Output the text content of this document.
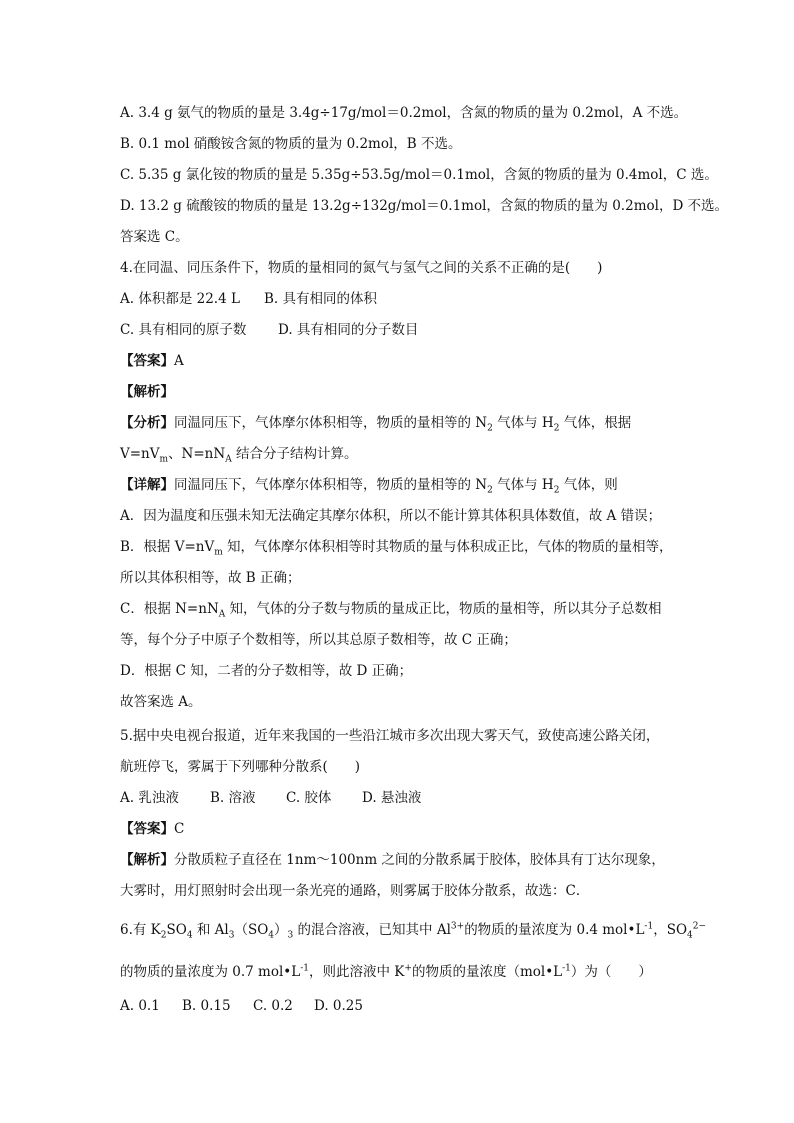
A. 3.4 g 氨气的物质的量是 3.4g÷17g/mol＝0.2mol，含氮的物质的量为 0.2mol，A 不选。
B. 0.1 mol 硝酸铵含氮的物质的量为 0.2mol，B 不选。
C. 5.35 g 氯化铵的物质的量是 5.35g÷53.5g/mol＝0.1mol，含氮的物质的量为 0.4mol，C 选。
D. 13.2 g 硫酸铵的物质的量是 13.2g÷132g/mol＝0.1mol，含氮的物质的量为 0.2mol，D 不选。
答案选 C。
4.在同温、同压条件下，物质的量相同的氮气与氢气之间的关系不正确的是(　　)
A. 体积都是 22.4 L B. 具有相同的体积
C. 具有相同的原子数 D. 具有相同的分子数目
【答案】A
【解析】
【分析】同温同压下，气体摩尔体积相等，物质的量相等的 $N_2$ 气体与 $H_2$ 气体，根据
$V=nV_m$、$N=nN_A$ 结合分子结构计算。
【详解】同温同压下，气体摩尔体积相等，物质的量相等的 $N_2$ 气体与 $H_2$ 气体，则
A．因为温度和压强未知无法确定其摩尔体积，所以不能计算其体积具体数值，故 A 错误；
B．根据 $V=nV_m$ 知，气体摩尔体积相等时其物质的量与体积成正比，气体的物质的量相等，
所以其体积相等，故 B 正确；
C．根据 $N=nN_A$ 知，气体的分子数与物质的量成正比，物质的量相等，所以其分子总数相
等，每个分子中原子个数相等，所以其总原子数相等，故 C 正确；
D．根据 C 知，二者的分子数相等，故 D 正确；
故答案选 A。
5.据中央电视台报道，近年来我国的一些沿江城市多次出现大雾天气，致使高速公路关闭，
航班停飞，雾属于下列哪种分散系(　　)
A. 乳浊液 B. 溶液 C. 胶体 D. 悬浊液
【答案】C
【解析】分散质粒子直径在 1nm～100nm 之间的分散系属于胶体，胶体具有丁达尔现象，
大雾时，用灯照射时会出现一条光亮的通路，则雾属于胶体分散系，故选：C．
6.有 $K_2SO_4$ 和 $Al_3(SO_4)_3$ 的混合溶液，已知其中 $Al^{3+}$的物质的量浓度为 0.4 $mol•L^{-1}$，$SO_4^{2-}$
的物质的量浓度为 0.7 $mol•L^{-1}$，则此溶液中 K+的物质的量浓度$(mol•L^{-1})$为（　　）
A. 0.1 B. 0.15 C. 0.2 D. 0.25
